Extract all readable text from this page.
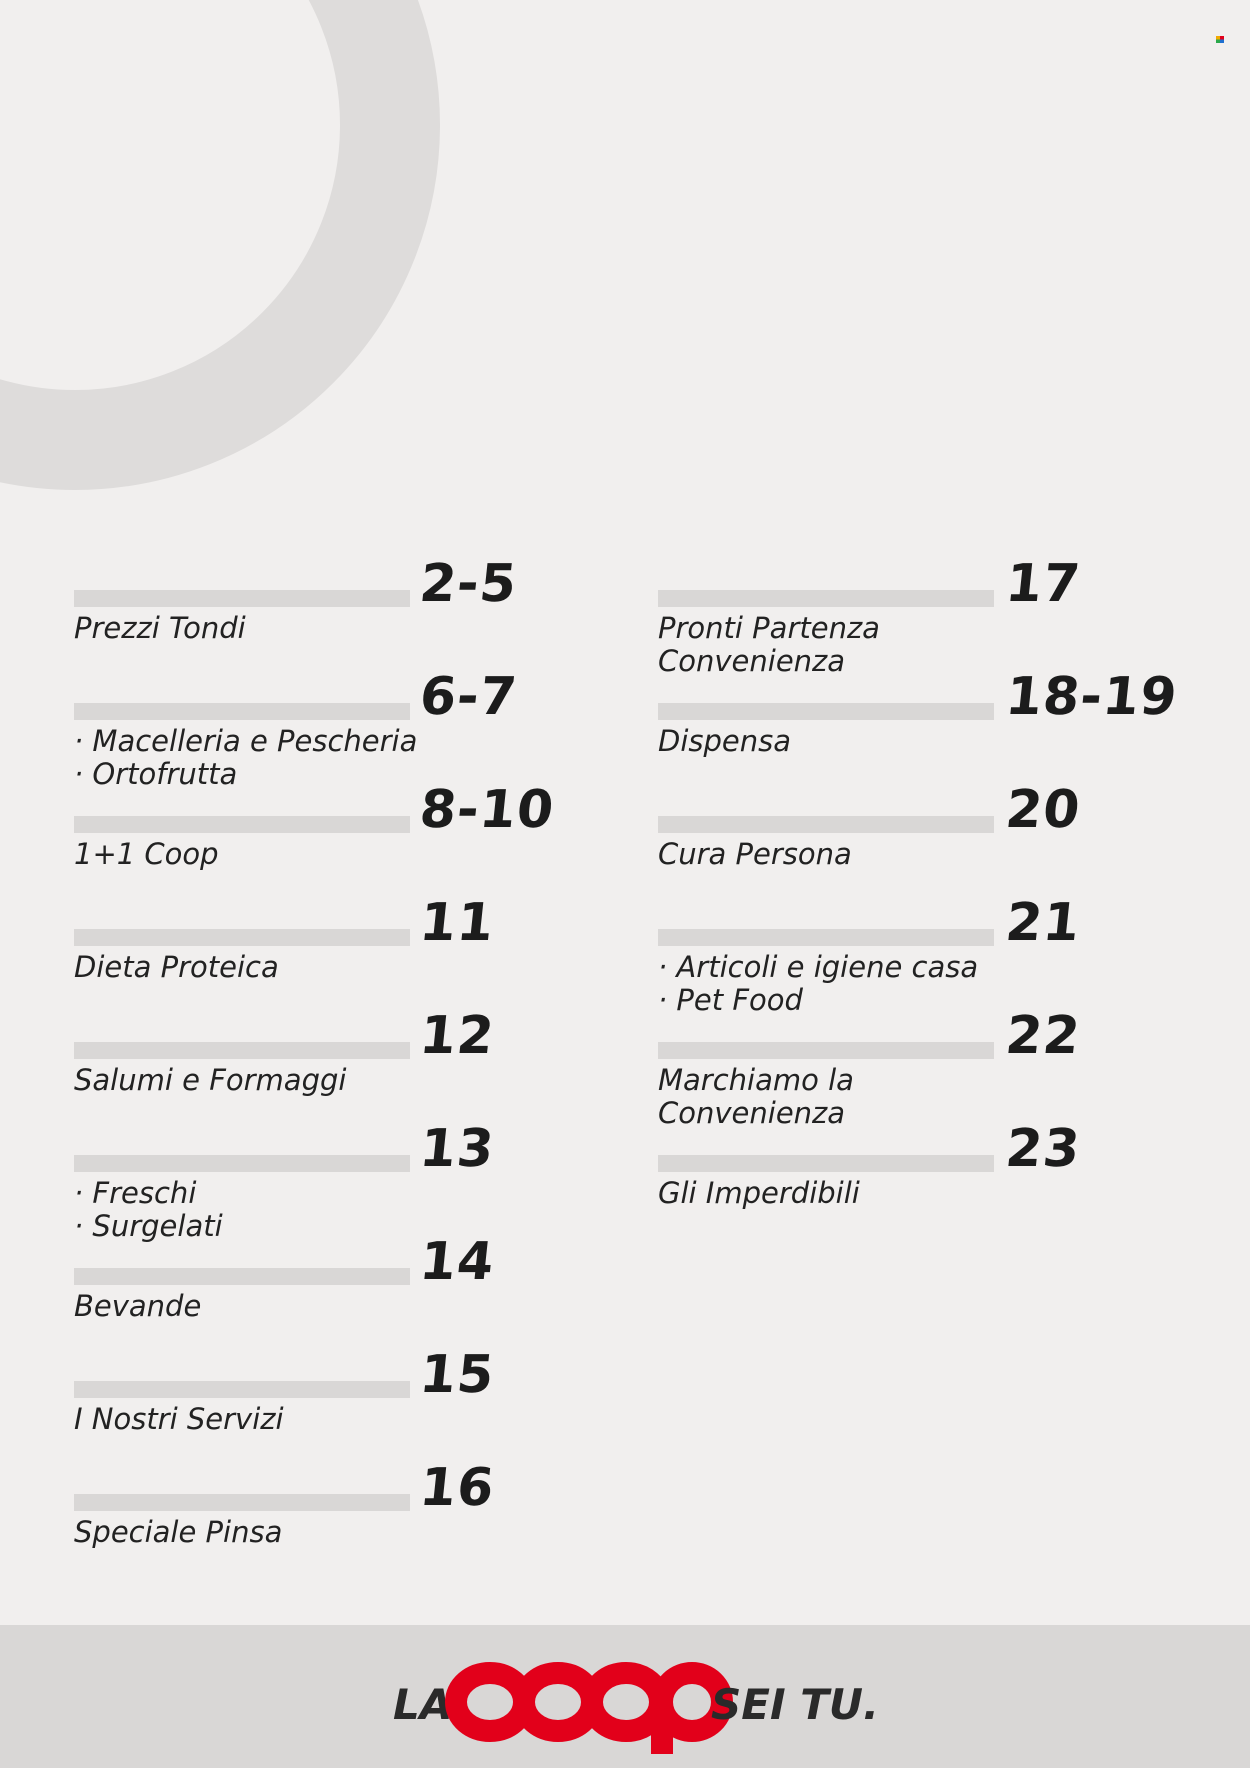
2-5
Prezzi Tondi
6-7
· Macelleria e Pescheria
· Ortofrutta
8-10
1+1 Coop
11
Dieta Proteica
12
Salumi e Formaggi
13
· Freschi
· Surgelati
14
Bevande
15
I Nostri Servizi
16
Speciale Pinsa
17
Pronti Partenza
Convenienza
18-19
Dispensa
20
Cura Persona
21
· Articoli e igiene casa
· Pet Food
22
Marchiamo la
Convenienza
23
Gli Imperdibili
LA	SEI TU.
